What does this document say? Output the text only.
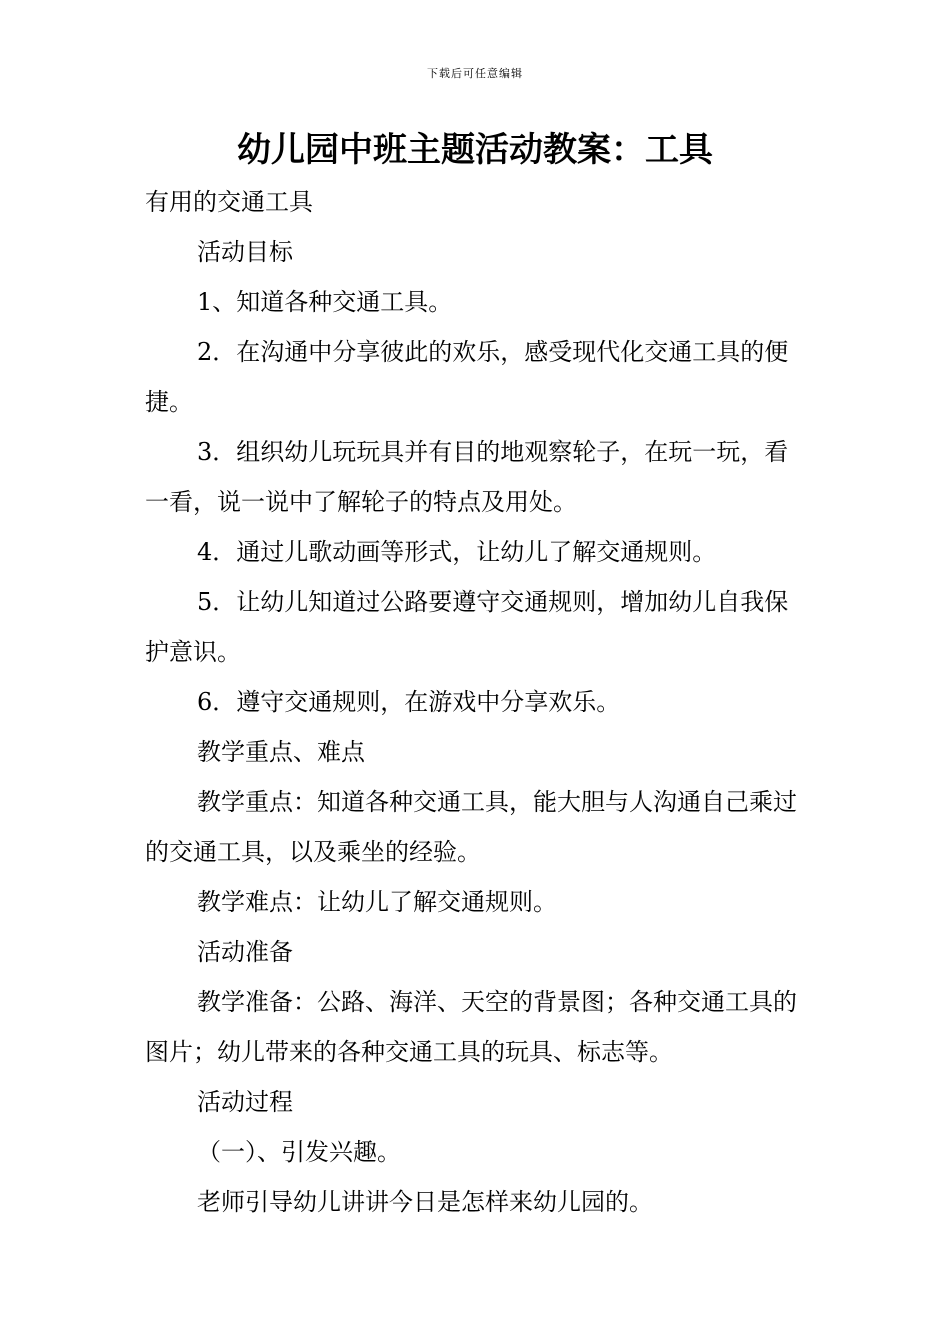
下载后可任意编辑
幼儿园中班主题活动教案：工具

有用的交通工具

活动目标

1、知道各种交通工具。

2．在沟通中分享彼此的欢乐，感受现代化交通工具的便捷。

3．组织幼儿玩玩具并有目的地观察轮子，在玩一玩，看一看，说一说中了解轮子的特点及用处。

4．通过儿歌动画等形式，让幼儿了解交通规则。

5．让幼儿知道过公路要遵守交通规则，增加幼儿自我保护意识。

6．遵守交通规则，在游戏中分享欢乐。

教学重点、难点

教学重点：知道各种交通工具，能大胆与人沟通自己乘过的交通工具，以及乘坐的经验。

教学难点：让幼儿了解交通规则。

活动准备

教学准备：公路、海洋、天空的背景图；各种交通工具的图片；幼儿带来的各种交通工具的玩具、标志等。

活动过程

（一）、引发兴趣。

老师引导幼儿讲讲今日是怎样来幼儿园的。
